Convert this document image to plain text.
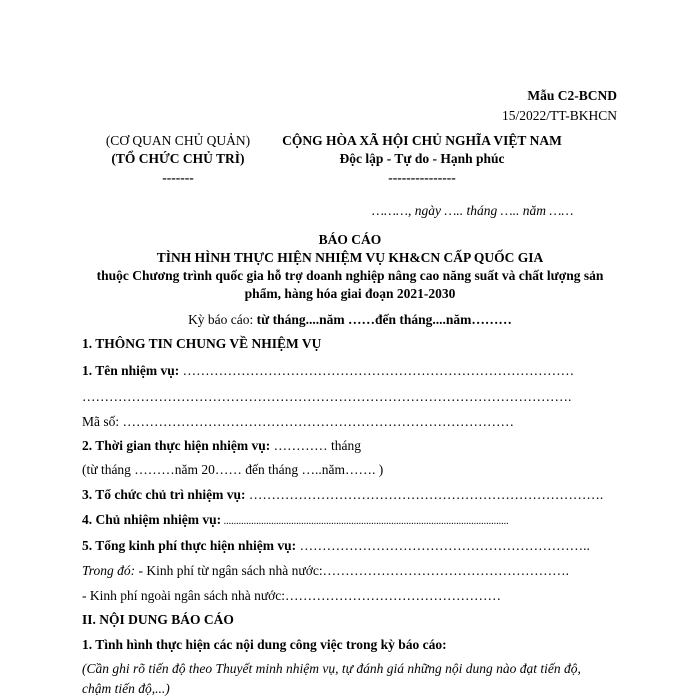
Mẫu C2-BCND
15/2022/TT-BKHCN
(CƠ QUAN CHỦ QUẢN)
(TỔ CHỨC CHỦ TRÌ)
-------
CỘNG HÒA XÃ HỘI CHỦ NGHĨA VIỆT NAM
Độc lập - Tự do - Hạnh phúc
---------------
………, ngày ….. tháng ….. năm ……
BÁO CÁO
TÌNH HÌNH THỰC HIỆN NHIỆM VỤ KH&CN CẤP QUỐC GIA
thuộc Chương trình quốc gia hỗ trợ doanh nghiệp nâng cao năng suất và chất lượng sản
phẩm, hàng hóa giai đoạn 2021-2030
Kỳ báo cáo: từ tháng....năm ……đến tháng....năm………
1. THÔNG TIN CHUNG VỀ NHIỆM VỤ
1. Tên nhiệm vụ: ……………………………………………………………………………
……………………………………………………………………………………………….
Mã số: ……………………………………………………………………………
2. Thời gian thực hiện nhiệm vụ: ………… tháng
(từ tháng ………năm 20…… đến tháng …..năm……. )
3. Tổ chức chủ trì nhiệm vụ: …………………………………………………………………….
4. Chủ nhiệm nhiệm vụ: ..................................................................................................................
5. Tổng kinh phí thực hiện nhiệm vụ: ………………………………………………………..
Trong đó: - Kinh phí từ ngân sách nhà nước:……………………………………………….
- Kinh phí ngoài ngân sách nhà nước:…………………………………………
II. NỘI DUNG BÁO CÁO
1. Tình hình thực hiện các nội dung công việc trong kỳ báo cáo:
(Cần ghi rõ tiến độ theo Thuyết minh nhiệm vụ, tự đánh giá những nội dung nào đạt tiến độ,
chậm tiến độ,...)
